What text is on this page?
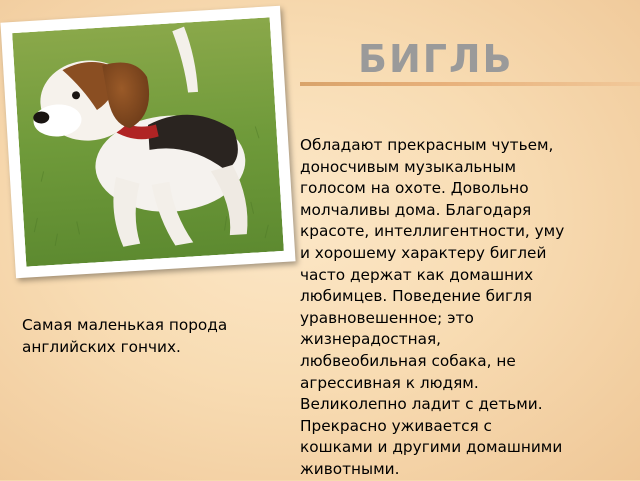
БИГЛЬ

Обладают прекрасным чутьем,
доносчивым музыкальным
голосом на охоте. Довольно
молчаливы дома. Благодаря
красоте, интеллигентности, уму
и хорошему характеру биглей
часто держат как домашних
любимцев. Поведение бигля
уравновешенное; это
жизнерадостная,
любвеобильная собака, не
агрессивная к людям.
Великолепно ладит с детьми.
Прекрасно уживается с
кошками и другими домашними
животными.

Самая маленькая порода
английских гончих.
